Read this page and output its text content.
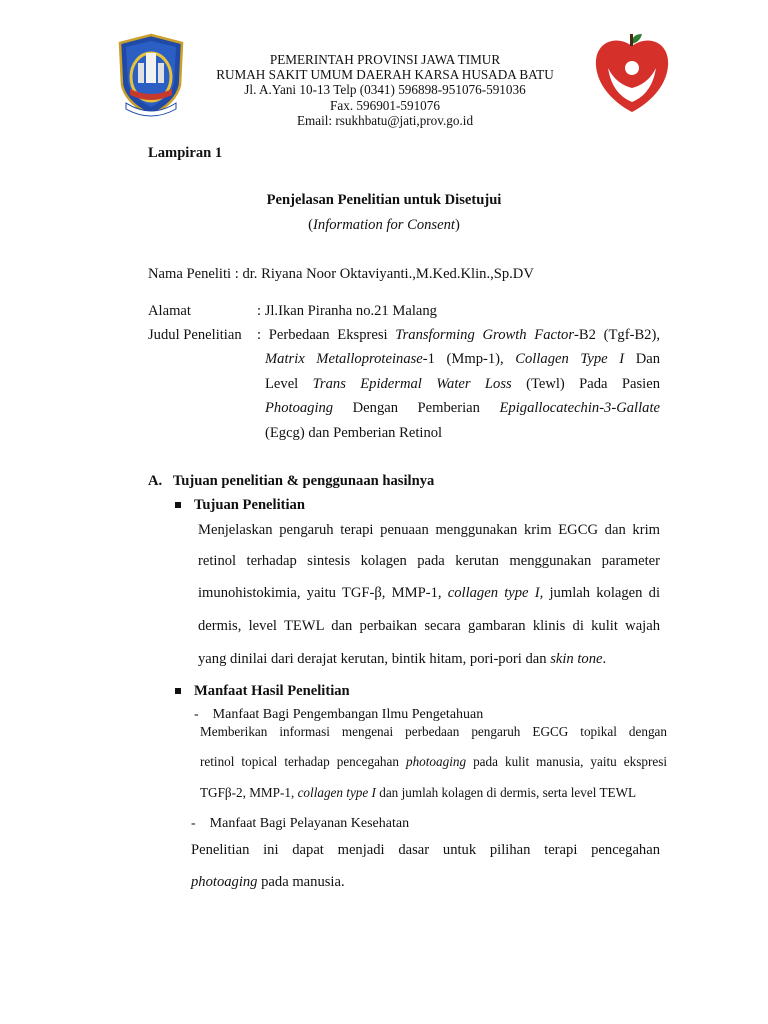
PEMERINTAH PROVINSI JAWA TIMUR
RUMAH SAKIT UMUM DAERAH KARSA HUSADA BATU
Jl. A.Yani 10-13 Telp (0341) 596898-951076-591036
Fax. 596901-591076
Email: rsukhbatu@jati,prov.go.id
Lampiran 1
Penjelasan Penelitian untuk Disetujui
(Information for Consent)
Nama Peneliti : dr. Riyana Noor Oktaviyanti.,M.Ked.Klin.,Sp.DV
Alamat	: Jl.Ikan Piranha no.21 Malang
Judul Penelitian : Perbedaan Ekspresi Transforming Growth Factor-B2 (Tgf-B2),
Matrix Metalloproteinase-1 (Mmp-1), Collagen Type I Dan
Level Trans Epidermal Water Loss (Tewl) Pada Pasien
Photoaging Dengan Pemberian Epigallocatechin-3-Gallate
(Egcg) dan Pemberian Retinol
A.   Tujuan penelitian & penggunaan hasilnya
Tujuan Penelitian
Menjelaskan pengaruh terapi penuaan menggunakan krim EGCG dan krim
retinol terhadap sintesis kolagen pada kerutan menggunakan parameter
imunohistokimia, yaitu TGF-β, MMP-1, collagen type I, jumlah kolagen di
dermis, level TEWL dan perbaikan secara gambaran klinis di kulit wajah
yang dinilai dari derajat kerutan, bintik hitam, pori-pori dan skin tone.
Manfaat Hasil Penelitian
-    Manfaat Bagi Pengembangan Ilmu Pengetahuan
Memberikan informasi mengenai perbedaan pengaruh EGCG topikal dengan
retinol topical terhadap pencegahan photoaging pada kulit manusia, yaitu ekspresi
TGFβ-2, MMP-1, collagen type I dan jumlah kolagen di dermis, serta level TEWL
-    Manfaat Bagi Pelayanan Kesehatan
Penelitian ini dapat menjadi dasar untuk pilihan terapi pencegahan
photoaging pada manusia.
